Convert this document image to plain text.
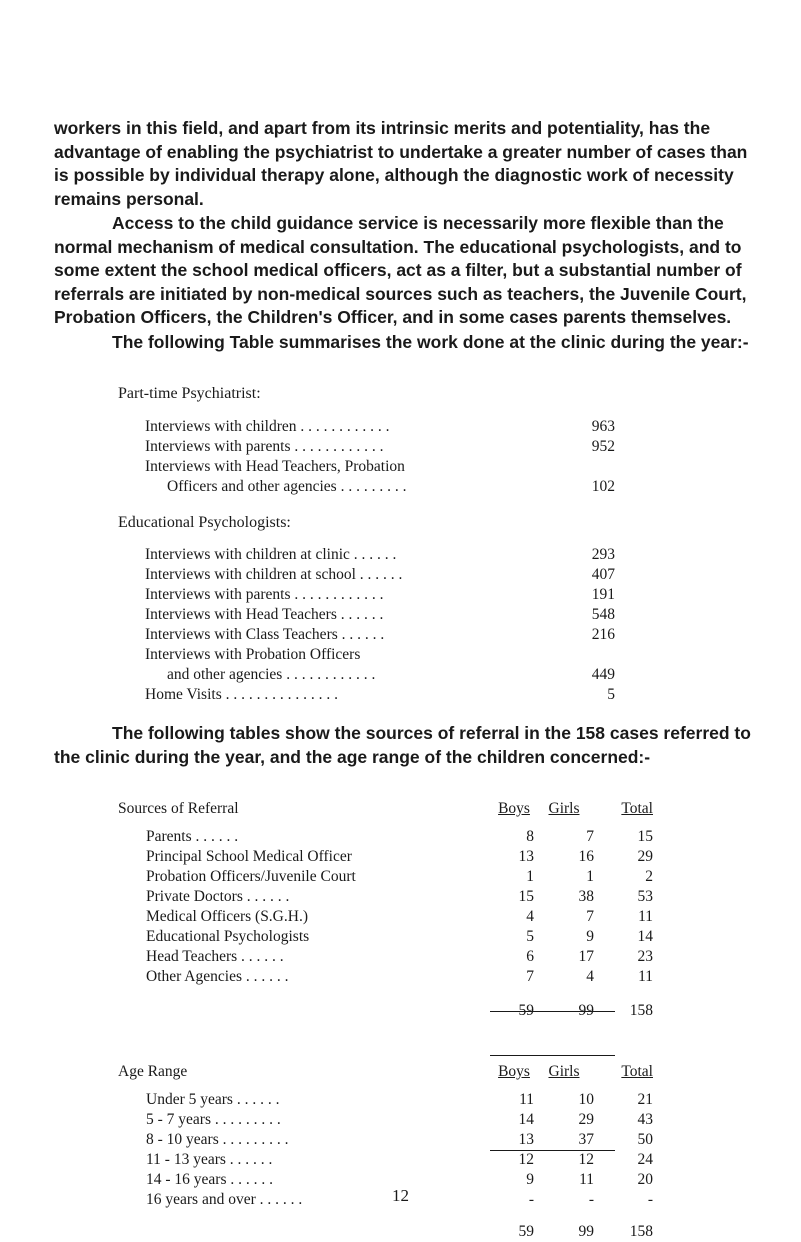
workers in this field, and apart from its intrinsic merits and potentiality, has the advantage of enabling the psychiatrist to undertake a greater number of cases than is possible by individual therapy alone, although the diagnostic work of necessity remains personal.

Access to the child guidance service is necessarily more flexible than the normal mechanism of medical consultation. The educational psychologists, and to some extent the school medical officers, act as a filter, but a substantial number of referrals are initiated by non-medical sources such as teachers, the Juvenile Court, Probation Officers, the Children's Officer, and in some cases parents themselves.

The following Table summarises the work done at the clinic during the year:-

Part-time Psychiatrist:
Interviews with children . . . . . . . . . . . .	963
Interviews with parents . . . . . . . . . . . .	952
Interviews with Head Teachers, Probation
Officers and other agencies . . . . . . . . .	102
Educational Psychologists:
Interviews with children at clinic . . . . . .	293
Interviews with children at school . . . . . .	407
Interviews with parents . . . . . . . . . . . .	191
Interviews with Head Teachers . . . . . .	548
Interviews with Class Teachers . . . . . .	216
Interviews with Probation Officers
and other agencies . . . . . . . . . . . .	449
Home Visits . . . . . . . . . . . . . . .	5

The following tables show the sources of referral in the 158 cases referred to the clinic during the year, and the age range of the children concerned:-

Sources of Referral	Boys	Girls	Total

Parents . . . . . .	8	7	15
Principal School Medical Officer	13	16	29
Probation Officers/Juvenile Court	1	1	2
Private Doctors . . . . . .	15	38	53
Medical Officers (S.G.H.)	4	7	11
Educational Psychologists	5	9	14
Head Teachers . . . . . .	6	17	23
Other Agencies . . . . . .	7	4	11

	59	99	158
Age Range	Boys	Girls	Total

Under 5 years . . . . . .	11	10	21
5 - 7 years . . . . . . . . .	14	29	43
8 - 10 years . . . . . . . . .	13	37	50
11 - 13 years . . . . . .	12	12	24
14 - 16 years . . . . . .	9	11	20
16 years and over . . . . . .	-	-	-

	59	99	158
12
